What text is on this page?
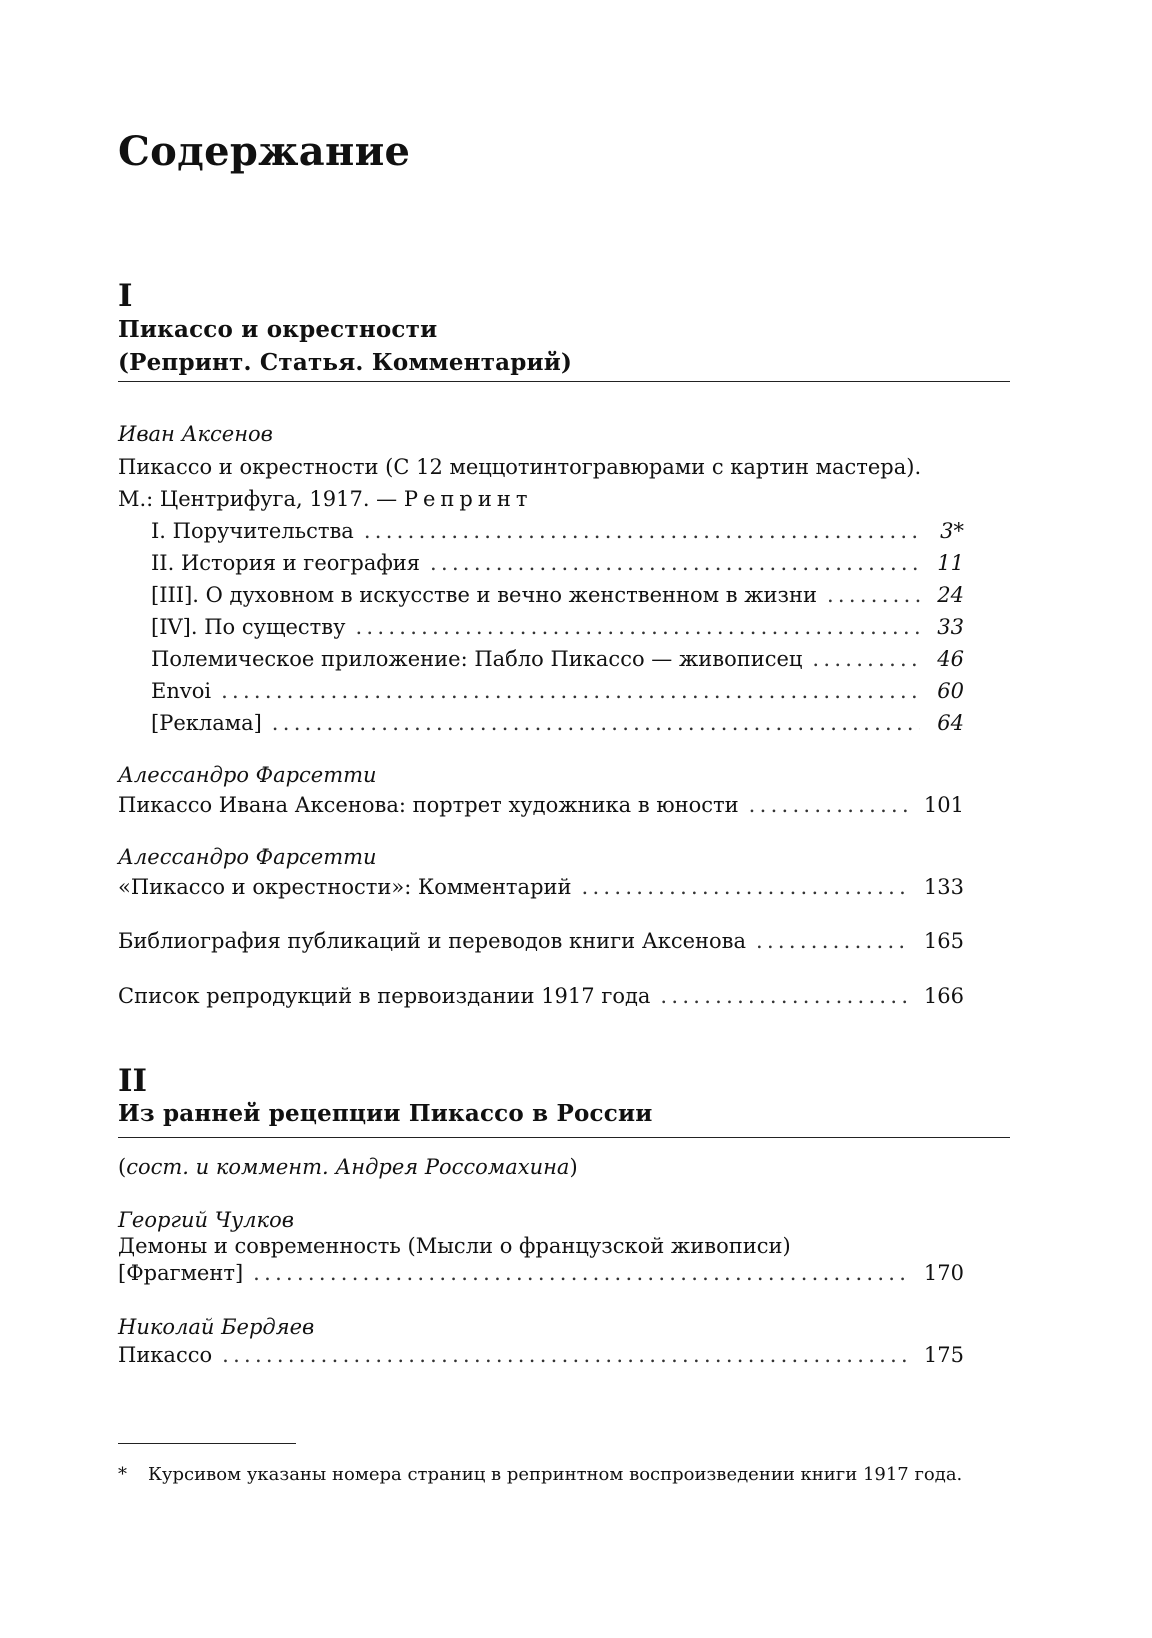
Содержание
I
Пикассо и окрестности
(Репринт. Статья. Комментарий)
Иван Аксенов
Пикассо и окрестности (С 12 меццотинтогравюрами с картин мастера).
М.: Центрифуга, 1917. — Репринт
I. Поручительства . . .	3*
II. История и география . . .	11
[III]. О духовном в искусстве и вечно женственном в жизни . . .	24
[IV]. По существу . . .	33
Полемическое приложение: Пабло Пикассо — живописец . . .	46
Envoi . . .	60
[Реклама] . . .	64
Алессандро Фарсетти
Пикассо Ивана Аксенова: портрет художника в юности . . .	101
Алессандро Фарсетти
«Пикассо и окрестности»: Комментарий . . .	133
Библиография публикаций и переводов книги Аксенова . . .	165
Список репродукций в первоиздании 1917 года . . .	166
II
Из ранней рецепции Пикассо в России
(сост. и коммент. Андрея Россомахина)
Георгий Чулков
Демоны и современность (Мысли о французской живописи)
[Фрагмент] . . .	170
Николай Бердяев
Пикассо . . .	175
* Курсивом указаны номера страниц в репринтном воспроизведении книги 1917 года.
